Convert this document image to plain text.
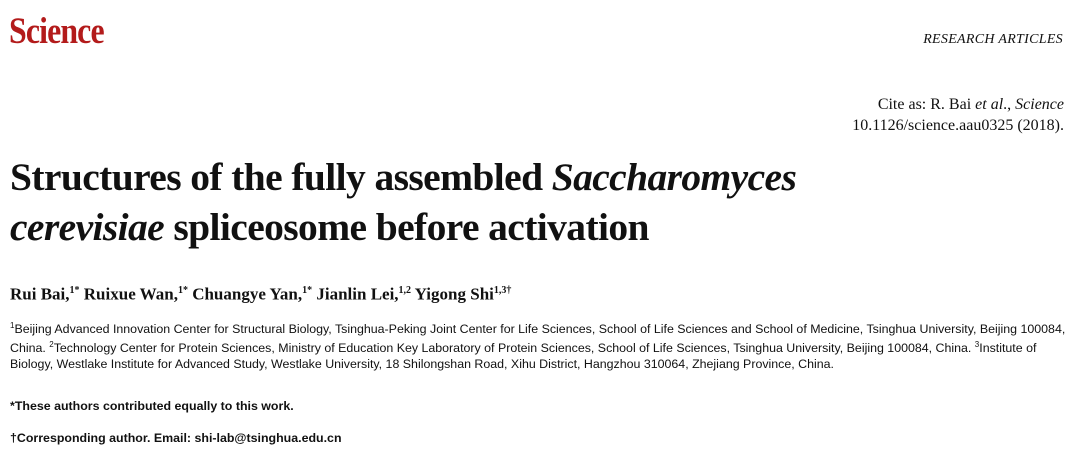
Science	RESEARCH ARTICLES
Cite as: R. Bai et al., Science
10.1126/science.aau0325 (2018).
Structures of the fully assembled Saccharomyces
cerevisiae spliceosome before activation
Rui Bai,$^{1*}$ Ruixue Wan,$^{1*}$ Chuangye Yan,$^{1*}$ Jianlin Lei,$^{1,2}$ Yigong Shi$^{1,3\dagger}$
$^1$Beijing Advanced Innovation Center for Structural Biology, Tsinghua-Peking Joint Center for Life Sciences, School of Life Sciences and School of Medicine, Tsinghua University, Beijing 100084, China. $^2$Technology Center for Protein Sciences, Ministry of Education Key Laboratory of Protein Sciences, School of Life Sciences, Tsinghua University, Beijing 100084, China. $^3$Institute of Biology, Westlake Institute for Advanced Study, Westlake University, 18 Shilongshan Road, Xihu District, Hangzhou 310064, Zhejiang Province, China.
*These authors contributed equally to this work.
†Corresponding author. Email: shi-lab@tsinghua.edu.cn
